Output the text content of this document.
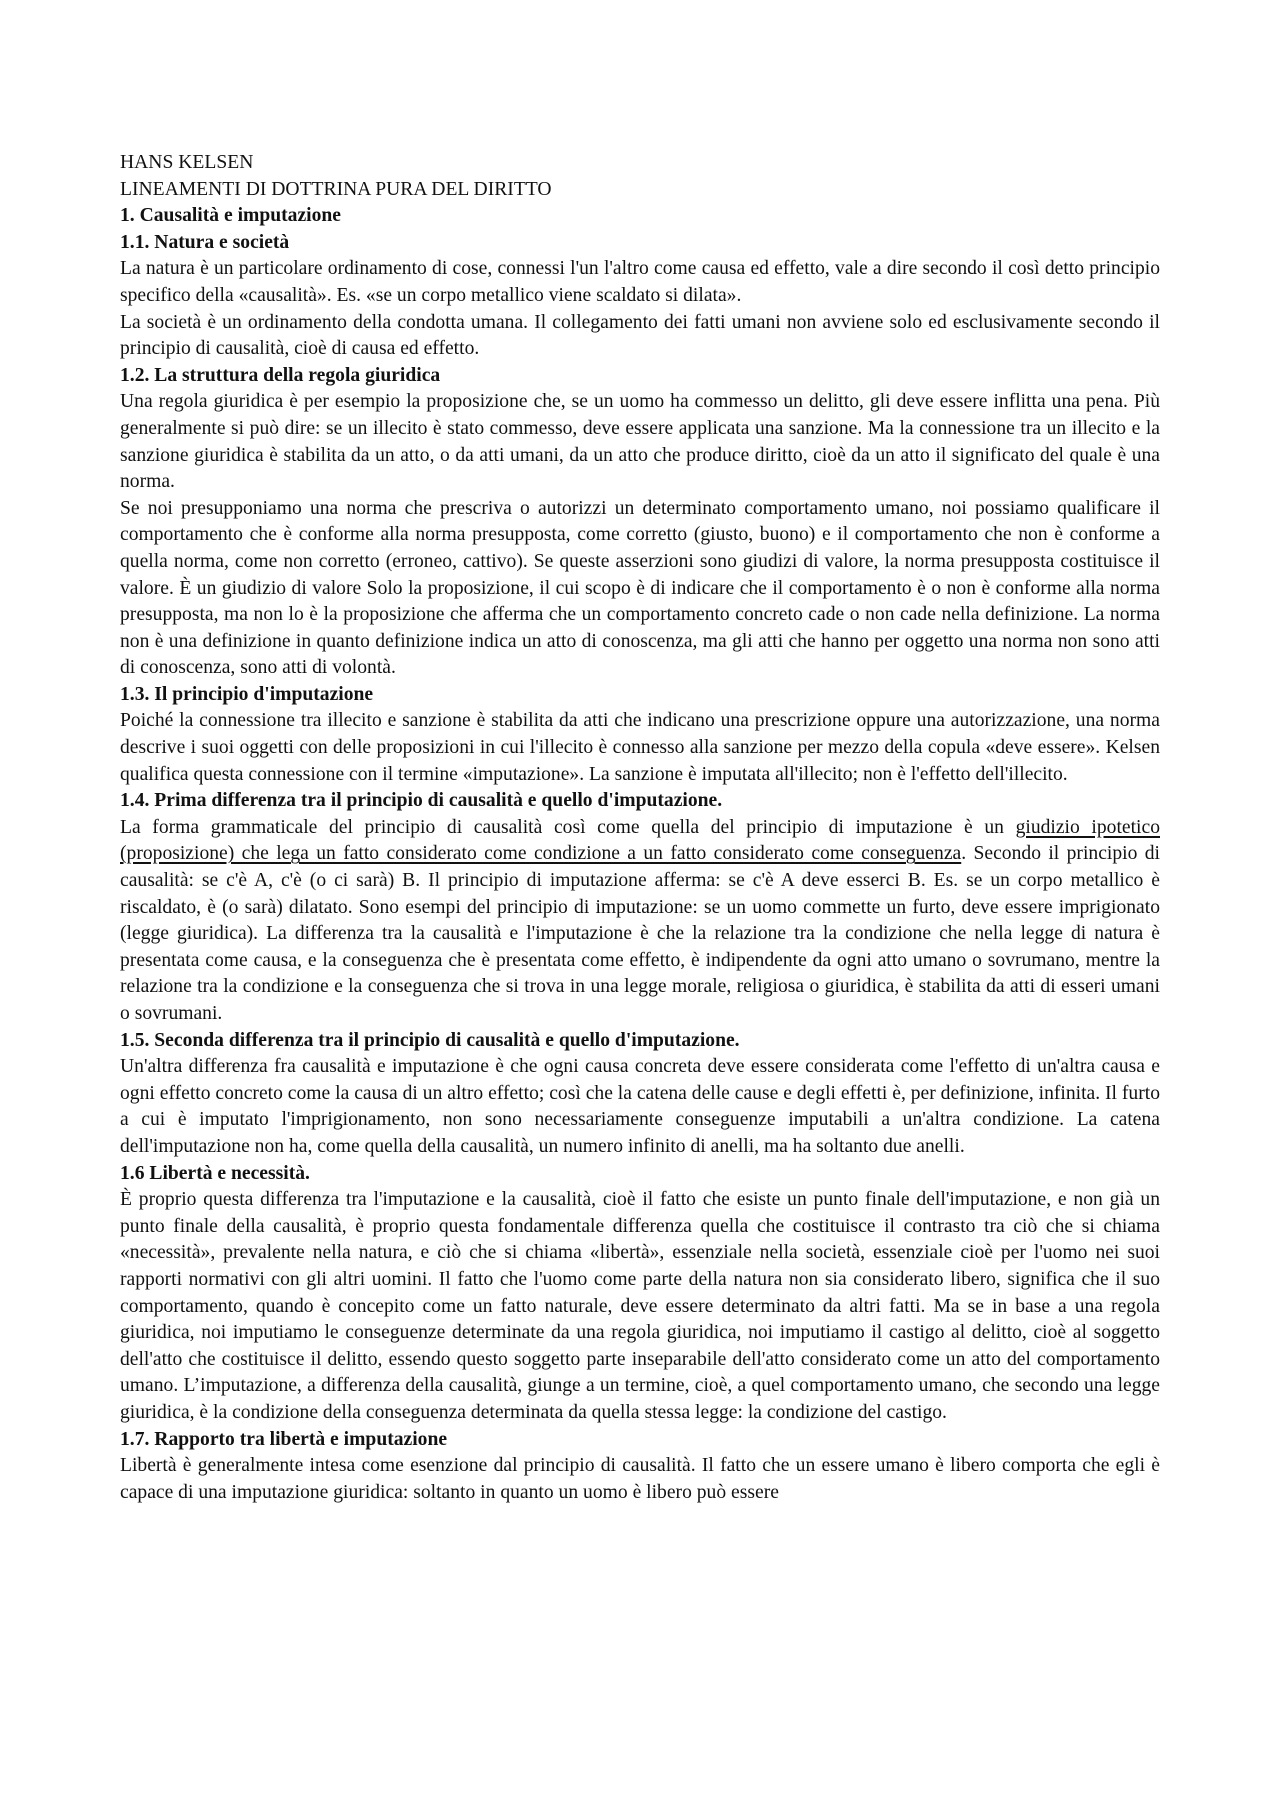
HANS KELSEN
LINEAMENTI DI DOTTRINA PURA DEL DIRITTO
1. Causalità e imputazione
1.1. Natura e società

La natura è un particolare ordinamento di cose, connessi l'un l'altro come causa ed effetto, vale a dire secondo il così detto principio specifico della «causalità». Es. «se un corpo metallico viene scaldato si dilata».

La società è un ordinamento della condotta umana. Il collegamento dei fatti umani non avviene solo ed esclusivamente secondo il principio di causalità, cioè di causa ed effetto.

1.2. La struttura della regola giuridica

Una regola giuridica è per esempio la proposizione che, se un uomo ha commesso un delitto, gli deve essere inflitta una pena. Più generalmente si può dire: se un illecito è stato commesso, deve essere applicata una sanzione. Ma la connessione tra un illecito e la sanzione giuridica è stabilita da un atto, o da atti umani, da un atto che produce diritto, cioè da un atto il significato del quale è una norma.

Se noi presupponiamo una norma che prescriva o autorizzi un determinato comportamento umano, noi possiamo qualificare il comportamento che è conforme alla norma presupposta, come corretto (giusto, buono) e il comportamento che non è conforme a quella norma, come non corretto (erroneo, cattivo). Se queste asserzioni sono giudizi di valore, la norma presupposta costituisce il valore. È un giudizio di valore Solo la proposizione, il cui scopo è di indicare che il comportamento è o non è conforme alla norma presupposta, ma non lo è la proposizione che afferma che un comportamento concreto cade o non cade nella definizione. La norma non è una definizione in quanto definizione indica un atto di conoscenza, ma gli atti che hanno per oggetto una norma non sono atti di conoscenza, sono atti di volontà.

1.3. Il principio d'imputazione

Poiché la connessione tra illecito e sanzione è stabilita da atti che indicano una prescrizione oppure una autorizzazione, una norma descrive i suoi oggetti con delle proposizioni in cui l'illecito è connesso alla sanzione per mezzo della copula «deve essere». Kelsen qualifica questa connessione con il termine «imputazione». La sanzione è imputata all'illecito; non è l'effetto dell'illecito.

1.4. Prima differenza tra il principio di causalità e quello d'imputazione.

La forma grammaticale del principio di causalità così come quella del principio di imputazione è un giudizio ipotetico (proposizione) che lega un fatto considerato come condizione a un fatto considerato come conseguenza. Secondo il principio di causalità: se c'è A, c'è (o ci sarà) B. Il principio di imputazione afferma: se c'è A deve esserci B. Es. se un corpo metallico è riscaldato, è (o sarà) dilatato. Sono esempi del principio di imputazione: se un uomo commette un furto, deve essere imprigionato (legge giuridica). La differenza tra la causalità e l'imputazione è che la relazione tra la condizione che nella legge di natura è presentata come causa, e la conseguenza che è presentata come effetto, è indipendente da ogni atto umano o sovrumano, mentre la relazione tra la condizione e la conseguenza che si trova in una legge morale, religiosa o giuridica, è stabilita da atti di esseri umani o sovrumani.

1.5. Seconda differenza tra il principio di causalità e quello d'imputazione.

Un'altra differenza fra causalità e imputazione è che ogni causa concreta deve essere considerata come l'effetto di un'altra causa e ogni effetto concreto come la causa di un altro effetto; così che la catena delle cause e degli effetti è, per definizione, infinita. Il furto a cui è imputato l'imprigionamento, non sono necessariamente conseguenze imputabili a un'altra condizione. La catena dell'imputazione non ha, come quella della causalità, un numero infinito di anelli, ma ha soltanto due anelli.

1.6 Libertà e necessità.

È proprio questa differenza tra l'imputazione e la causalità, cioè il fatto che esiste un punto finale dell'imputazione, e non già un punto finale della causalità, è proprio questa fondamentale differenza quella che costituisce il contrasto tra ciò che si chiama «necessità», prevalente nella natura, e ciò che si chiama «libertà», essenziale nella società, essenziale cioè per l'uomo nei suoi rapporti normativi con gli altri uomini. Il fatto che l'uomo come parte della natura non sia considerato libero, significa che il suo comportamento, quando è concepito come un fatto naturale, deve essere determinato da altri fatti. Ma se in base a una regola giuridica, noi imputiamo le conseguenze determinate da una regola giuridica, noi imputiamo il castigo al delitto, cioè al soggetto dell'atto che costituisce il delitto, essendo questo soggetto parte inseparabile dell'atto considerato come un atto del comportamento umano. L’imputazione, a differenza della causalità, giunge a un termine, cioè, a quel comportamento umano, che secondo una legge giuridica, è la condizione della conseguenza determinata da quella stessa legge: la condizione del castigo.

1.7. Rapporto tra libertà e imputazione

Libertà è generalmente intesa come esenzione dal principio di causalità. Il fatto che un essere umano è libero comporta che egli è capace di una imputazione giuridica: soltanto in quanto un uomo è libero può essere
